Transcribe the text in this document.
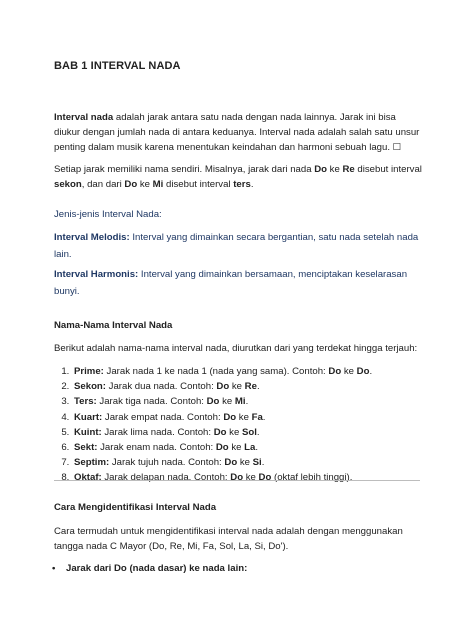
BAB 1 INTERVAL NADA
Interval nada adalah jarak antara satu nada dengan nada lainnya. Jarak ini bisa diukur dengan jumlah nada di antara keduanya. Interval nada adalah salah satu unsur penting dalam musik karena menentukan keindahan dan harmoni sebuah lagu. ☐
Setiap jarak memiliki nama sendiri. Misalnya, jarak dari nada Do ke Re disebut interval sekon, dan dari Do ke Mi disebut interval ters.
Jenis-jenis Interval Nada:
Interval Melodis: Interval yang dimainkan secara bergantian, satu nada setelah nada lain.
Interval Harmonis: Interval yang dimainkan bersamaan, menciptakan keselarasan bunyi.
Nama-Nama Interval Nada
Berikut adalah nama-nama interval nada, diurutkan dari yang terdekat hingga terjauh:
1. Prime: Jarak nada 1 ke nada 1 (nada yang sama). Contoh: Do ke Do.
2. Sekon: Jarak dua nada. Contoh: Do ke Re.
3. Ters: Jarak tiga nada. Contoh: Do ke Mi.
4. Kuart: Jarak empat nada. Contoh: Do ke Fa.
5. Kuint: Jarak lima nada. Contoh: Do ke Sol.
6. Sekt: Jarak enam nada. Contoh: Do ke La.
7. Septim: Jarak tujuh nada. Contoh: Do ke Si.
8. Oktaf: Jarak delapan nada. Contoh: Do ke Do (oktaf lebih tinggi).
Cara Mengidentifikasi Interval Nada
Cara termudah untuk mengidentifikasi interval nada adalah dengan menggunakan tangga nada C Mayor (Do, Re, Mi, Fa, Sol, La, Si, Do').
• Jarak dari Do (nada dasar) ke nada lain:
